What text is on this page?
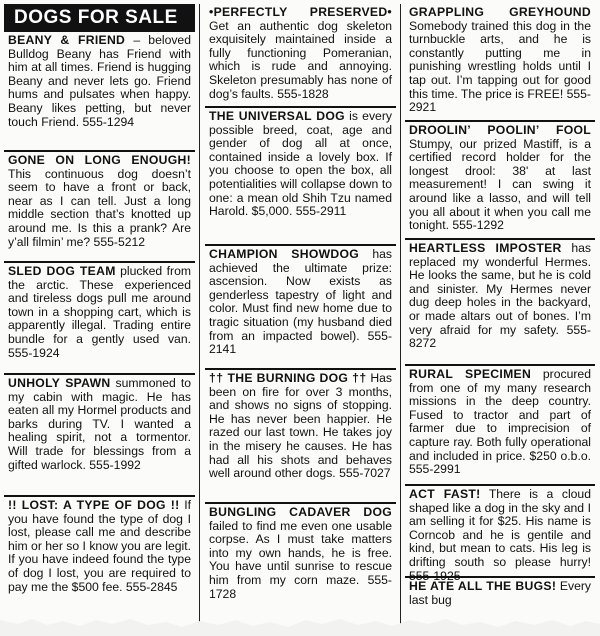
DOGS FOR SALE
BEANY & FRIEND – beloved Bulldog Beany has Friend with him at all times. Friend is hugging Beany and never lets go. Friend hums and pulsates when happy. Beany likes petting, but never touch Friend. 555-1294
GONE ON LONG ENOUGH! This continuous dog doesn’t seem to have a front or back, near as I can tell. Just a long middle section that’s knotted up around me. Is this a prank? Are y’all filmin’ me? 555-5212
SLED DOG TEAM plucked from the arctic. These experienced and tireless dogs pull me around town in a shopping cart, which is apparently illegal. Trading entire bundle for a gently used van. 555-1924
UNHOLY SPAWN summoned to my cabin with magic. He has eaten all my Hormel products and barks during TV. I wanted a healing spirit, not a tormentor. Will trade for blessings from a gifted warlock. 555-1992
!! LOST: A TYPE OF DOG !! If you have found the type of dog I lost, please call me and describe him or her so I know you are legit. If you have indeed found the type of dog I lost, you are required to pay me the $500 fee. 555-2845
•PERFECTLY PRESERVED• Get an authentic dog skeleton exquisitely maintained inside a fully functioning Pomeranian, which is rude and annoying. Skeleton presumably has none of dog’s faults. 555-1828
THE UNIVERSAL DOG is every possible breed, coat, age and gender of dog all at once, contained inside a lovely box. If you choose to open the box, all potentialities will collapse down to one: a mean old Shih Tzu named Harold. $5,000. 555-2911
CHAMPION SHOWDOG has achieved the ultimate prize: ascension. Now exists as genderless tapestry of light and color. Must find new home due to tragic situation (my husband died from an impacted bowel). 555-2141
†† THE BURNING DOG †† Has been on fire for over 3 months, and shows no signs of stopping. He has never been happier. He razed our last town. He takes joy in the misery he causes. He has had all his shots and behaves well around other dogs. 555-7027
BUNGLING CADAVER DOG failed to find me even one usable corpse. As I must take matters into my own hands, he is free. You have until sunrise to rescue him from my corn maze. 555-1728
GRAPPLING GREYHOUND Somebody trained this dog in the turnbuckle arts, and he is constantly putting me in punishing wrestling holds until I tap out. I’m tapping out for good this time. The price is FREE! 555-2921
DROOLIN’ POOLIN’ FOOL Stumpy, our prized Mastiff, is a certified record holder for the longest drool: 38' at last measurement! I can swing it around like a lasso, and will tell you all about it when you call me tonight. 555-1292
HEARTLESS IMPOSTER has replaced my wonderful Hermes. He looks the same, but he is cold and sinister. My Hermes never dug deep holes in the backyard, or made altars out of bones. I’m very afraid for my safety. 555-8272
RURAL SPECIMEN procured from one of my many research missions in the deep country. Fused to tractor and part of farmer due to imprecision of capture ray. Both fully operational and included in price. $250 o.b.o. 555-2991
ACT FAST! There is a cloud shaped like a dog in the sky and I am selling it for $25. His name is Corncob and he is gentile and kind, but mean to cats. His leg is drifting south so please hurry! 555-1925
HE ATE ALL THE BUGS! Every last bug
